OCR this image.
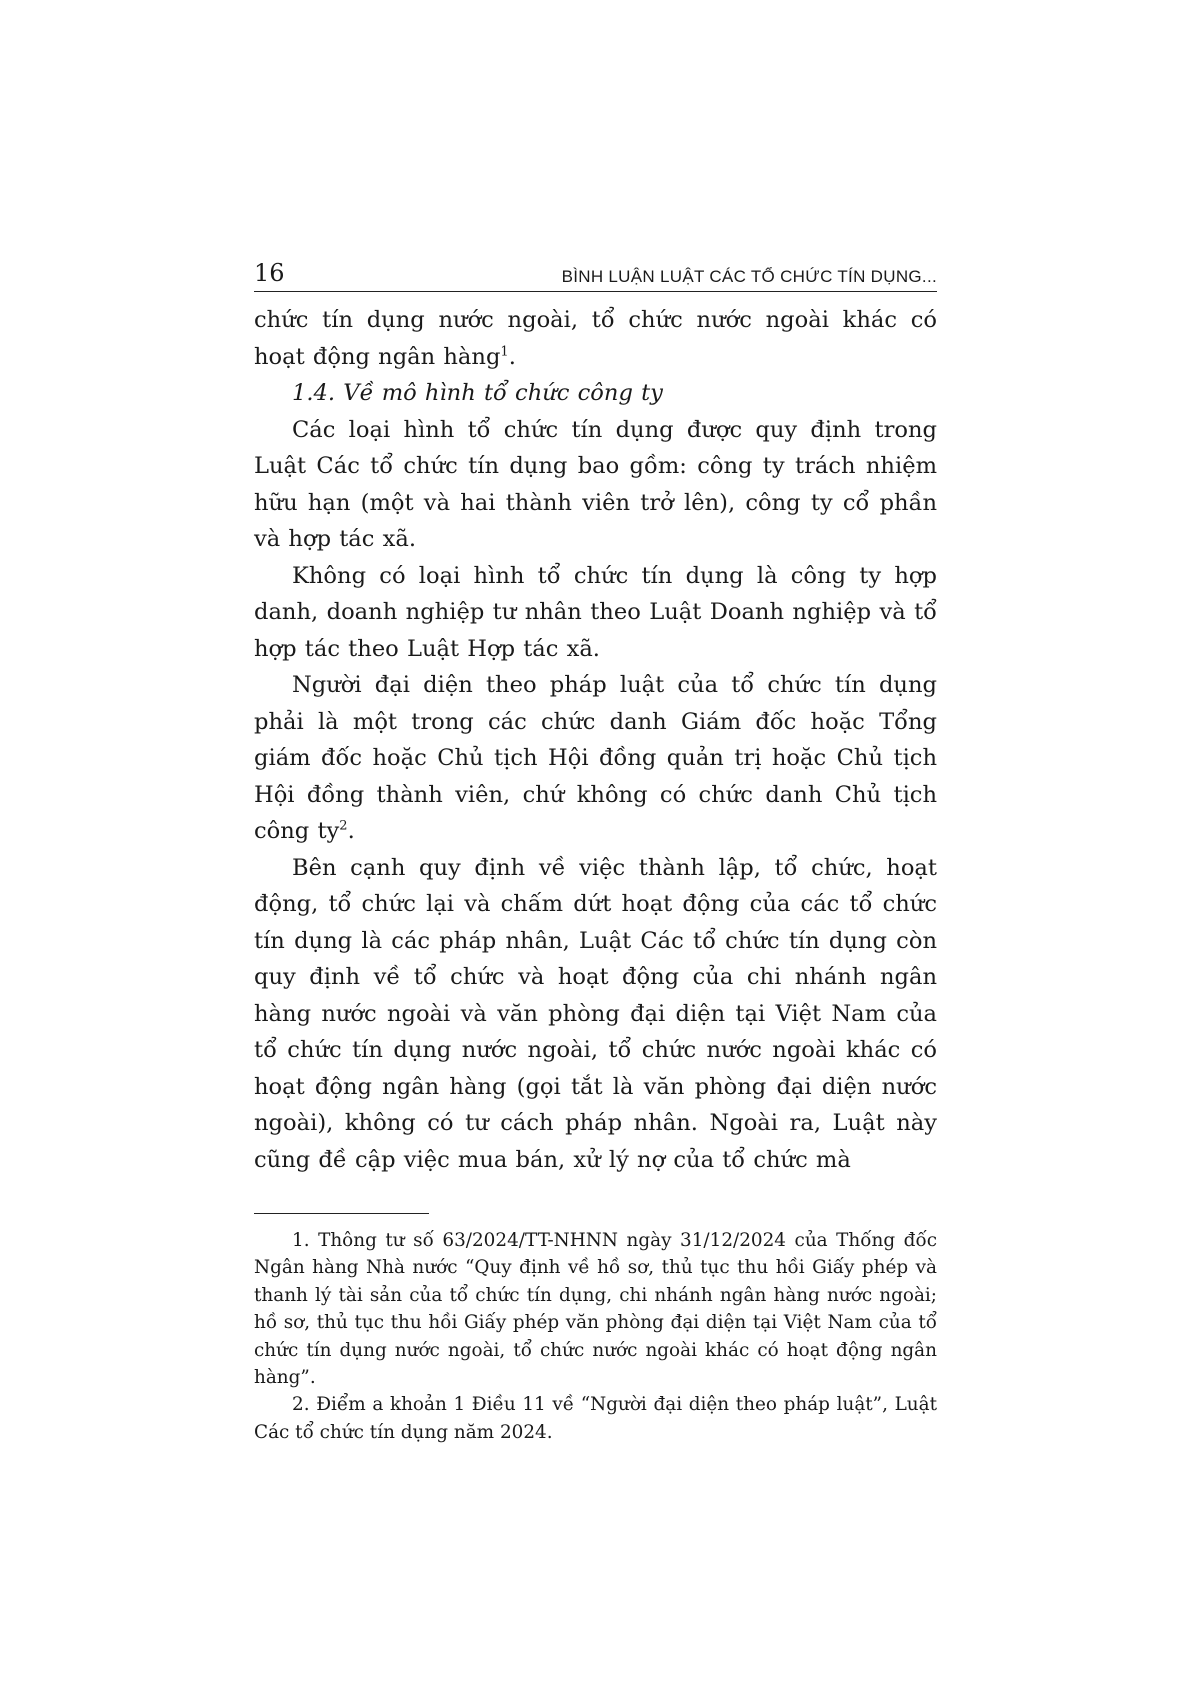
16	BÌNH LUẬN LUẬT CÁC TỔ CHỨC TÍN DỤNG...

chức tín dụng nước ngoài, tổ chức nước ngoài khác có hoạt động ngân hàng$^1$.

1.4. Về mô hình tổ chức công ty

Các loại hình tổ chức tín dụng được quy định trong Luật Các tổ chức tín dụng bao gồm: công ty trách nhiệm hữu hạn (một và hai thành viên trở lên), công ty cổ phần và hợp tác xã.

Không có loại hình tổ chức tín dụng là công ty hợp danh, doanh nghiệp tư nhân theo Luật Doanh nghiệp và tổ hợp tác theo Luật Hợp tác xã.

Người đại diện theo pháp luật của tổ chức tín dụng phải là một trong các chức danh Giám đốc hoặc Tổng giám đốc hoặc Chủ tịch Hội đồng quản trị hoặc Chủ tịch Hội đồng thành viên, chứ không có chức danh Chủ tịch công $ty^2$.

Bên cạnh quy định về việc thành lập, tổ chức, hoạt động, tổ chức lại và chấm dứt hoạt động của các tổ chức tín dụng là các pháp nhân, Luật Các tổ chức tín dụng còn quy định về tổ chức và hoạt động của chi nhánh ngân hàng nước ngoài và văn phòng đại diện tại Việt Nam của tổ chức tín dụng nước ngoài, tổ chức nước ngoài khác có hoạt động ngân hàng (gọi tắt là văn phòng đại diện nước ngoài), không có tư cách pháp nhân. Ngoài ra, Luật này cũng đề cập việc mua bán, xử lý nợ của tổ chức mà

1. Thông tư số 63/2024/TT-NHNN ngày 31/12/2024 của Thống đốc Ngân hàng Nhà nước “Quy định về hồ sơ, thủ tục thu hồi Giấy phép và thanh lý tài sản của tổ chức tín dụng, chi nhánh ngân hàng nước ngoài; hồ sơ, thủ tục thu hồi Giấy phép văn phòng đại diện tại Việt Nam của tổ chức tín dụng nước ngoài, tổ chức nước ngoài khác có hoạt động ngân hàng”.

2. Điểm a khoản 1 Điều 11 về “Người đại diện theo pháp luật”, Luật Các tổ chức tín dụng năm 2024.
